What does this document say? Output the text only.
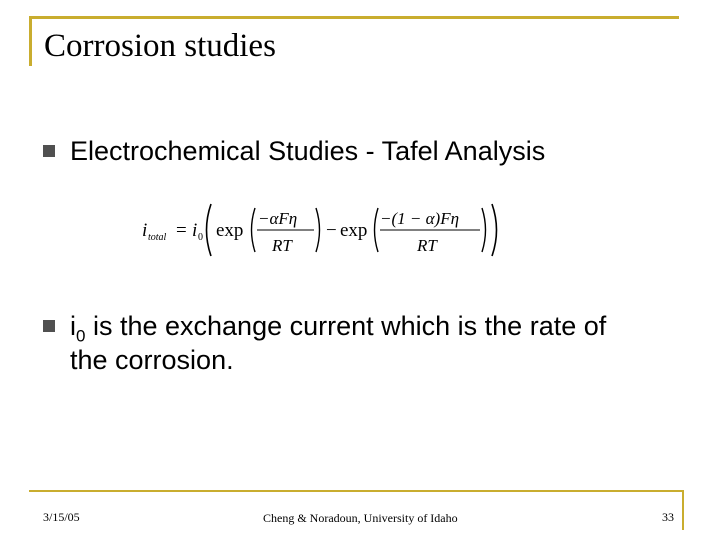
Corrosion studies
Electrochemical Studies - Tafel Analysis
i total = i 0 exp
−αFη
RT
− exp
−(1 − α)Fη
RT
$i_0$ is the exchange current which is the rate of
the corrosion.
3/15/05	Cheng & Noradoun, University of Idaho	33
